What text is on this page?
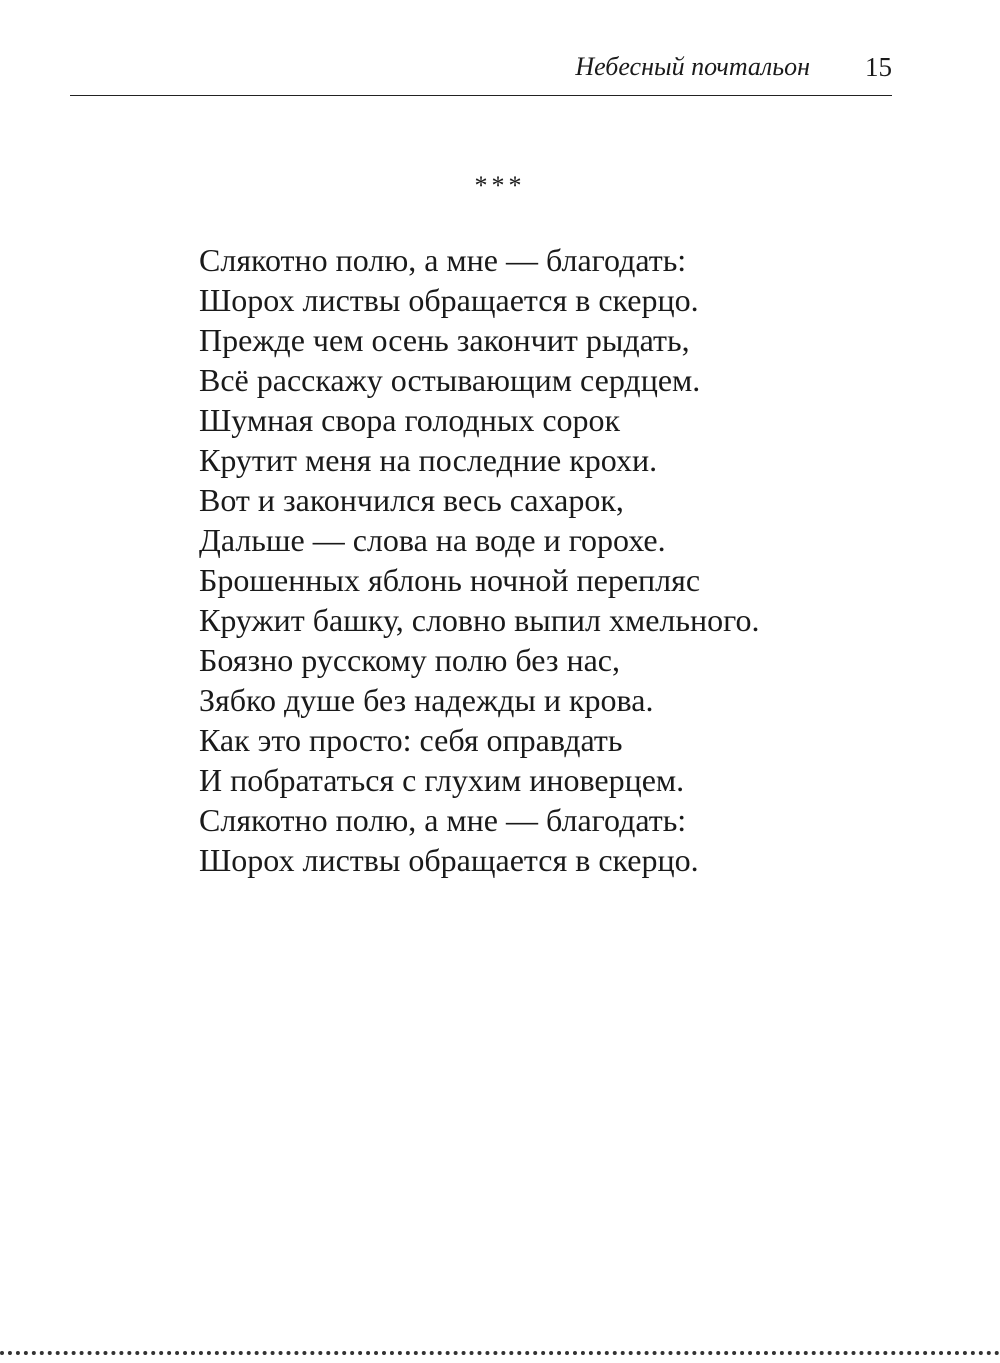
Небесный почтальон 15
***
Слякотно полю, а мне — благодать:
Шорох листвы обращается в скерцо.
Прежде чем осень закончит рыдать,
Всё расскажу остывающим сердцем.
Шумная свора голодных сорок
Крутит меня на последние крохи.
Вот и закончился весь сахарок,
Дальше — слова на воде и горохе.
Брошенных яблонь ночной перепляс
Кружит башку, словно выпил хмельного.
Боязно русскому полю без нас,
Зябко душе без надежды и крова.
Как это просто: себя оправдать
И побрататься с глухим иноверцем.
Слякотно полю, а мне — благодать:
Шорох листвы обращается в скерцо.
